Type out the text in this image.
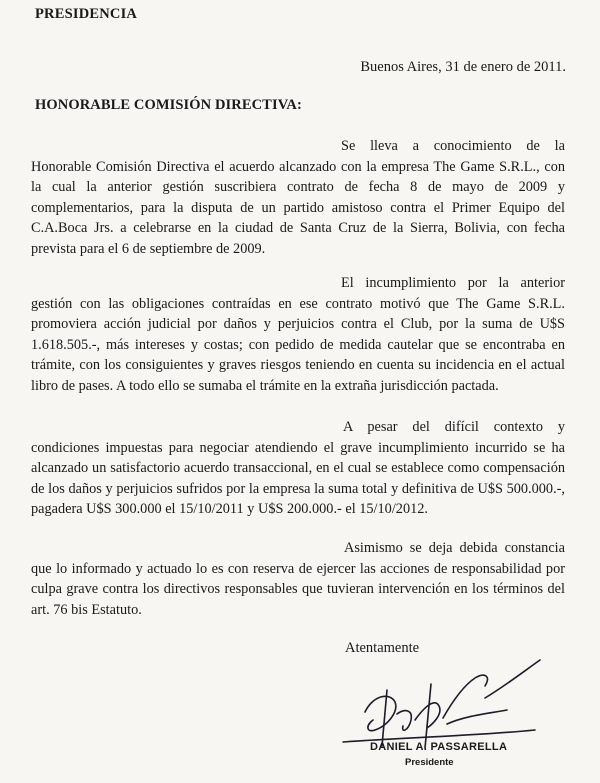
PRESIDENCIA
Buenos Aires, 31 de enero de 2011.
HONORABLE COMISIÓN DIRECTIVA:
Se lleva a conocimiento de la Honorable Comisión Directiva el acuerdo alcanzado con la empresa The Game S.R.L., con la cual la anterior gestión suscribiera contrato de fecha 8 de mayo de 2009 y complementarios, para la disputa de un partido amistoso contra el Primer Equipo del C.A.Boca Jrs. a celebrarse en la ciudad de Santa Cruz de la Sierra, Bolivia, con fecha prevista para el 6 de septiembre de 2009.
El incumplimiento por la anterior gestión con las obligaciones contraídas en ese contrato motivó que The Game S.R.L. promoviera acción judicial por daños y perjuicios contra el Club, por la suma de U$S 1.618.505.-, más intereses y costas; con pedido de medida cautelar que se encontraba en trámite, con los consiguientes y graves riesgos teniendo en cuenta su incidencia en el actual libro de pases. A todo ello se sumaba el trámite en la extraña jurisdicción pactada.
A pesar del difícil contexto y condiciones impuestas para negociar atendiendo el grave incumplimiento incurrido se ha alcanzado un satisfactorio acuerdo transaccional, en el cual se establece como compensación de los daños y perjuicios sufridos por la empresa la suma total y definitiva de U$S 500.000.-, pagadera U$S 300.000 el 15/10/2011 y U$S 200.000.- el 15/10/2012.
Asimismo se deja debida constancia que lo informado y actuado lo es con reserva de ejercer las acciones de responsabilidad por culpa grave contra los directivos responsables que tuvieran intervención en los términos del art. 76 bis Estatuto.
Atentamente
DANIEL A. PASSARELLA
Presidente
